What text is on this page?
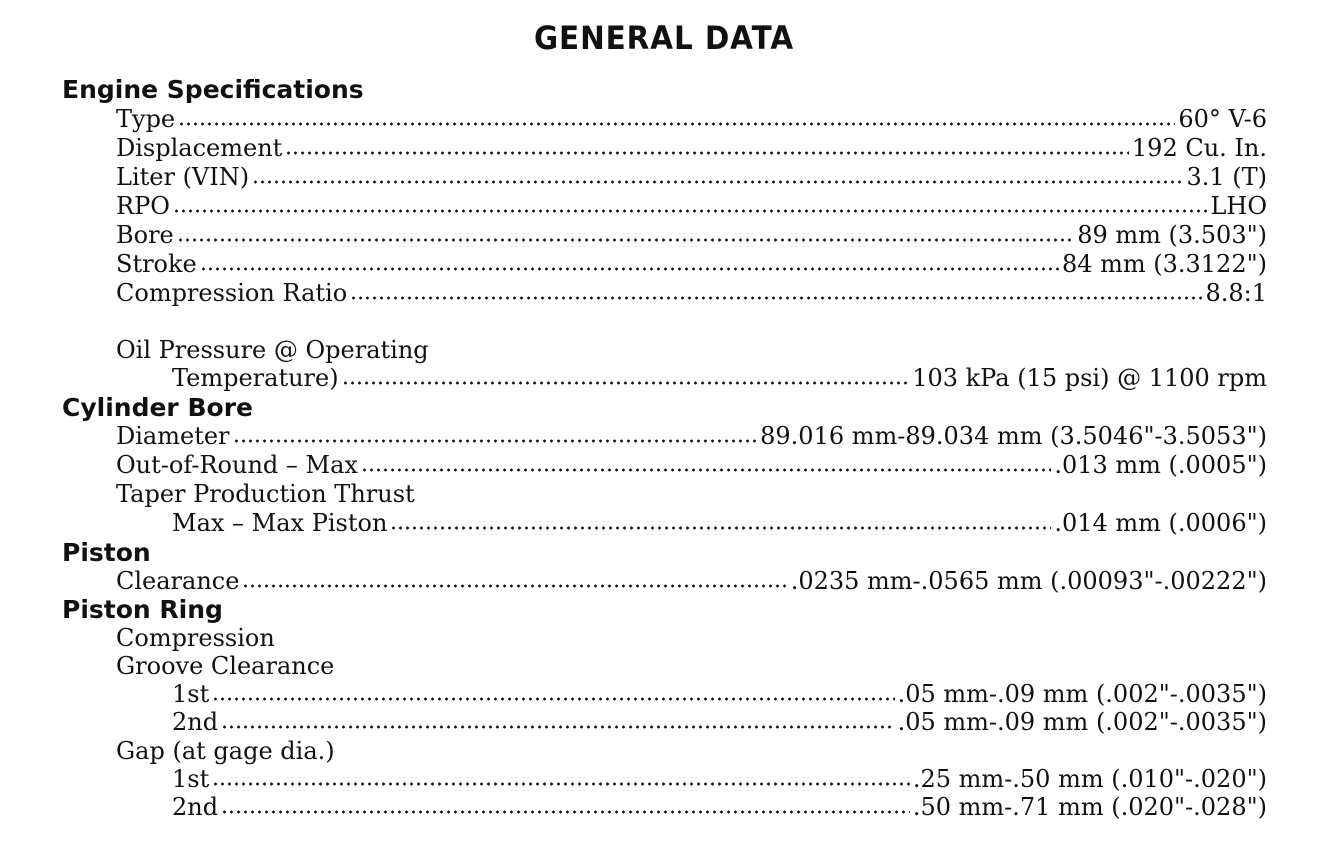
GENERAL DATA
Engine Specifications
Type	60° V-6
Displacement	192 Cu. In.
Liter (VIN)	3.1 (T)
RPO	LHO
Bore	89 mm (3.503")
Stroke	84 mm (3.3122")
Compression Ratio	8.8:1
Oil Pressure @ Operating
Temperature)	103 kPa (15 psi) @ 1100 rpm
Cylinder Bore
Diameter	89.016 mm-89.034 mm (3.5046"-3.5053")
Out-of-Round – Max	.013 mm (.0005")
Taper Production Thrust
Max – Max Piston	.014 mm (.0006")
Piston
Clearance	.0235 mm-.0565 mm (.00093"-.00222")
Piston Ring
Compression
Groove Clearance
1st	.05 mm-.09 mm (.002"-.0035")
2nd	.05 mm-.09 mm (.002"-.0035")
Gap (at gage dia.)
1st	.25 mm-.50 mm (.010"-.020")
2nd	.50 mm-.71 mm (.020"-.028")
